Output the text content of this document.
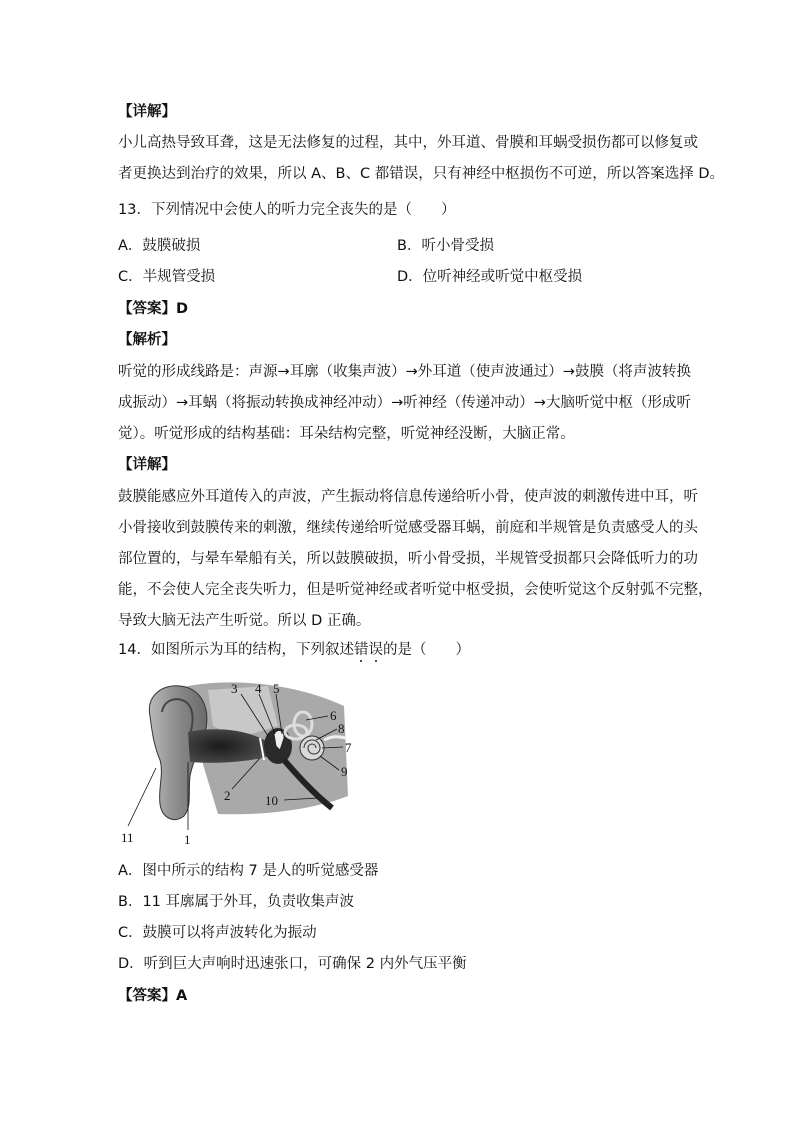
【详解】
小儿高热导致耳聋，这是无法修复的过程，其中，外耳道、骨膜和耳蜗受损伤都可以修复或
者更换达到治疗的效果，所以 A、B、C 都错误，只有神经中枢损伤不可逆，所以答案选择 D。
13．下列情况中会使人的听力完全丧失的是（　　）
A．鼓膜破损	B．听小骨受损
C．半规管受损	D．位听神经或听觉中枢受损
【答案】D
【解析】
听觉的形成线路是：声源→耳廓（收集声波）→外耳道（使声波通过）→鼓膜（将声波转换
成振动）→耳蜗（将振动转换成神经冲动）→听神经（传递冲动）→大脑听觉中枢（形成听
觉）。听觉形成的结构基础：耳朵结构完整，听觉神经没断，大脑正常。
【详解】
鼓膜能感应外耳道传入的声波，产生振动将信息传递给听小骨，使声波的刺激传进中耳，听
小骨接收到鼓膜传来的刺激，继续传递给听觉感受器耳蜗，前庭和半规管是负责感受人的头
部位置的，与晕车晕船有关，所以鼓膜破损，听小骨受损，半规管受损都只会降低听力的功
能，不会使人完全丧失听力，但是听觉神经或者听觉中枢受损，会使听觉这个反射弧不完整，
导致大脑无法产生听觉。所以 D 正确。
14．如图所示为耳的结构，下列叙述错误的是（　　）
3 4 5
6
8
7
9
2	10
11	1
A．图中所示的结构 7 是人的听觉感受器
B．11 耳廓属于外耳，负责收集声波
C．鼓膜可以将声波转化为振动
D．听到巨大声响时迅速张口，可确保 2 内外气压平衡
【答案】A
